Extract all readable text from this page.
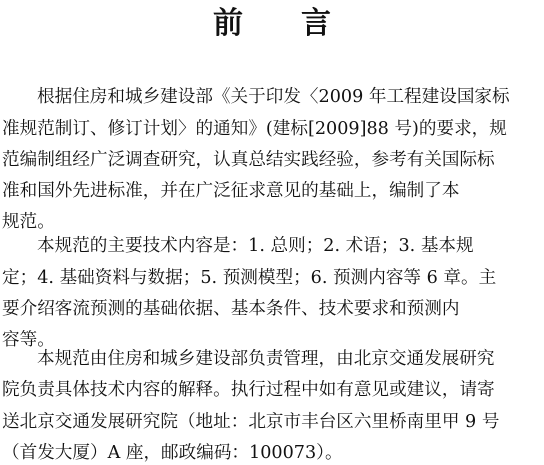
前 言
根据住房和城乡建设部《关于印发〈2009 年工程建设国家标
准规范制订、修订计划〉的通知》(建标[2009]88 号)的要求，规
范编制组经广泛调查研究，认真总结实践经验，参考有关国际标
准和国外先进标准，并在广泛征求意见的基础上，编制了本
规范。
本规范的主要技术内容是：1. 总则；2. 术语；3. 基本规
定；4. 基础资料与数据；5. 预测模型；6. 预测内容等 6 章。主
要介绍客流预测的基础依据、基本条件、技术要求和预测内
容等。
本规范由住房和城乡建设部负责管理，由北京交通发展研究
院负责具体技术内容的解释。执行过程中如有意见或建议，请寄
送北京交通发展研究院（地址：北京市丰台区六里桥南里甲 9 号
（首发大厦）A 座，邮政编码：100073）。
